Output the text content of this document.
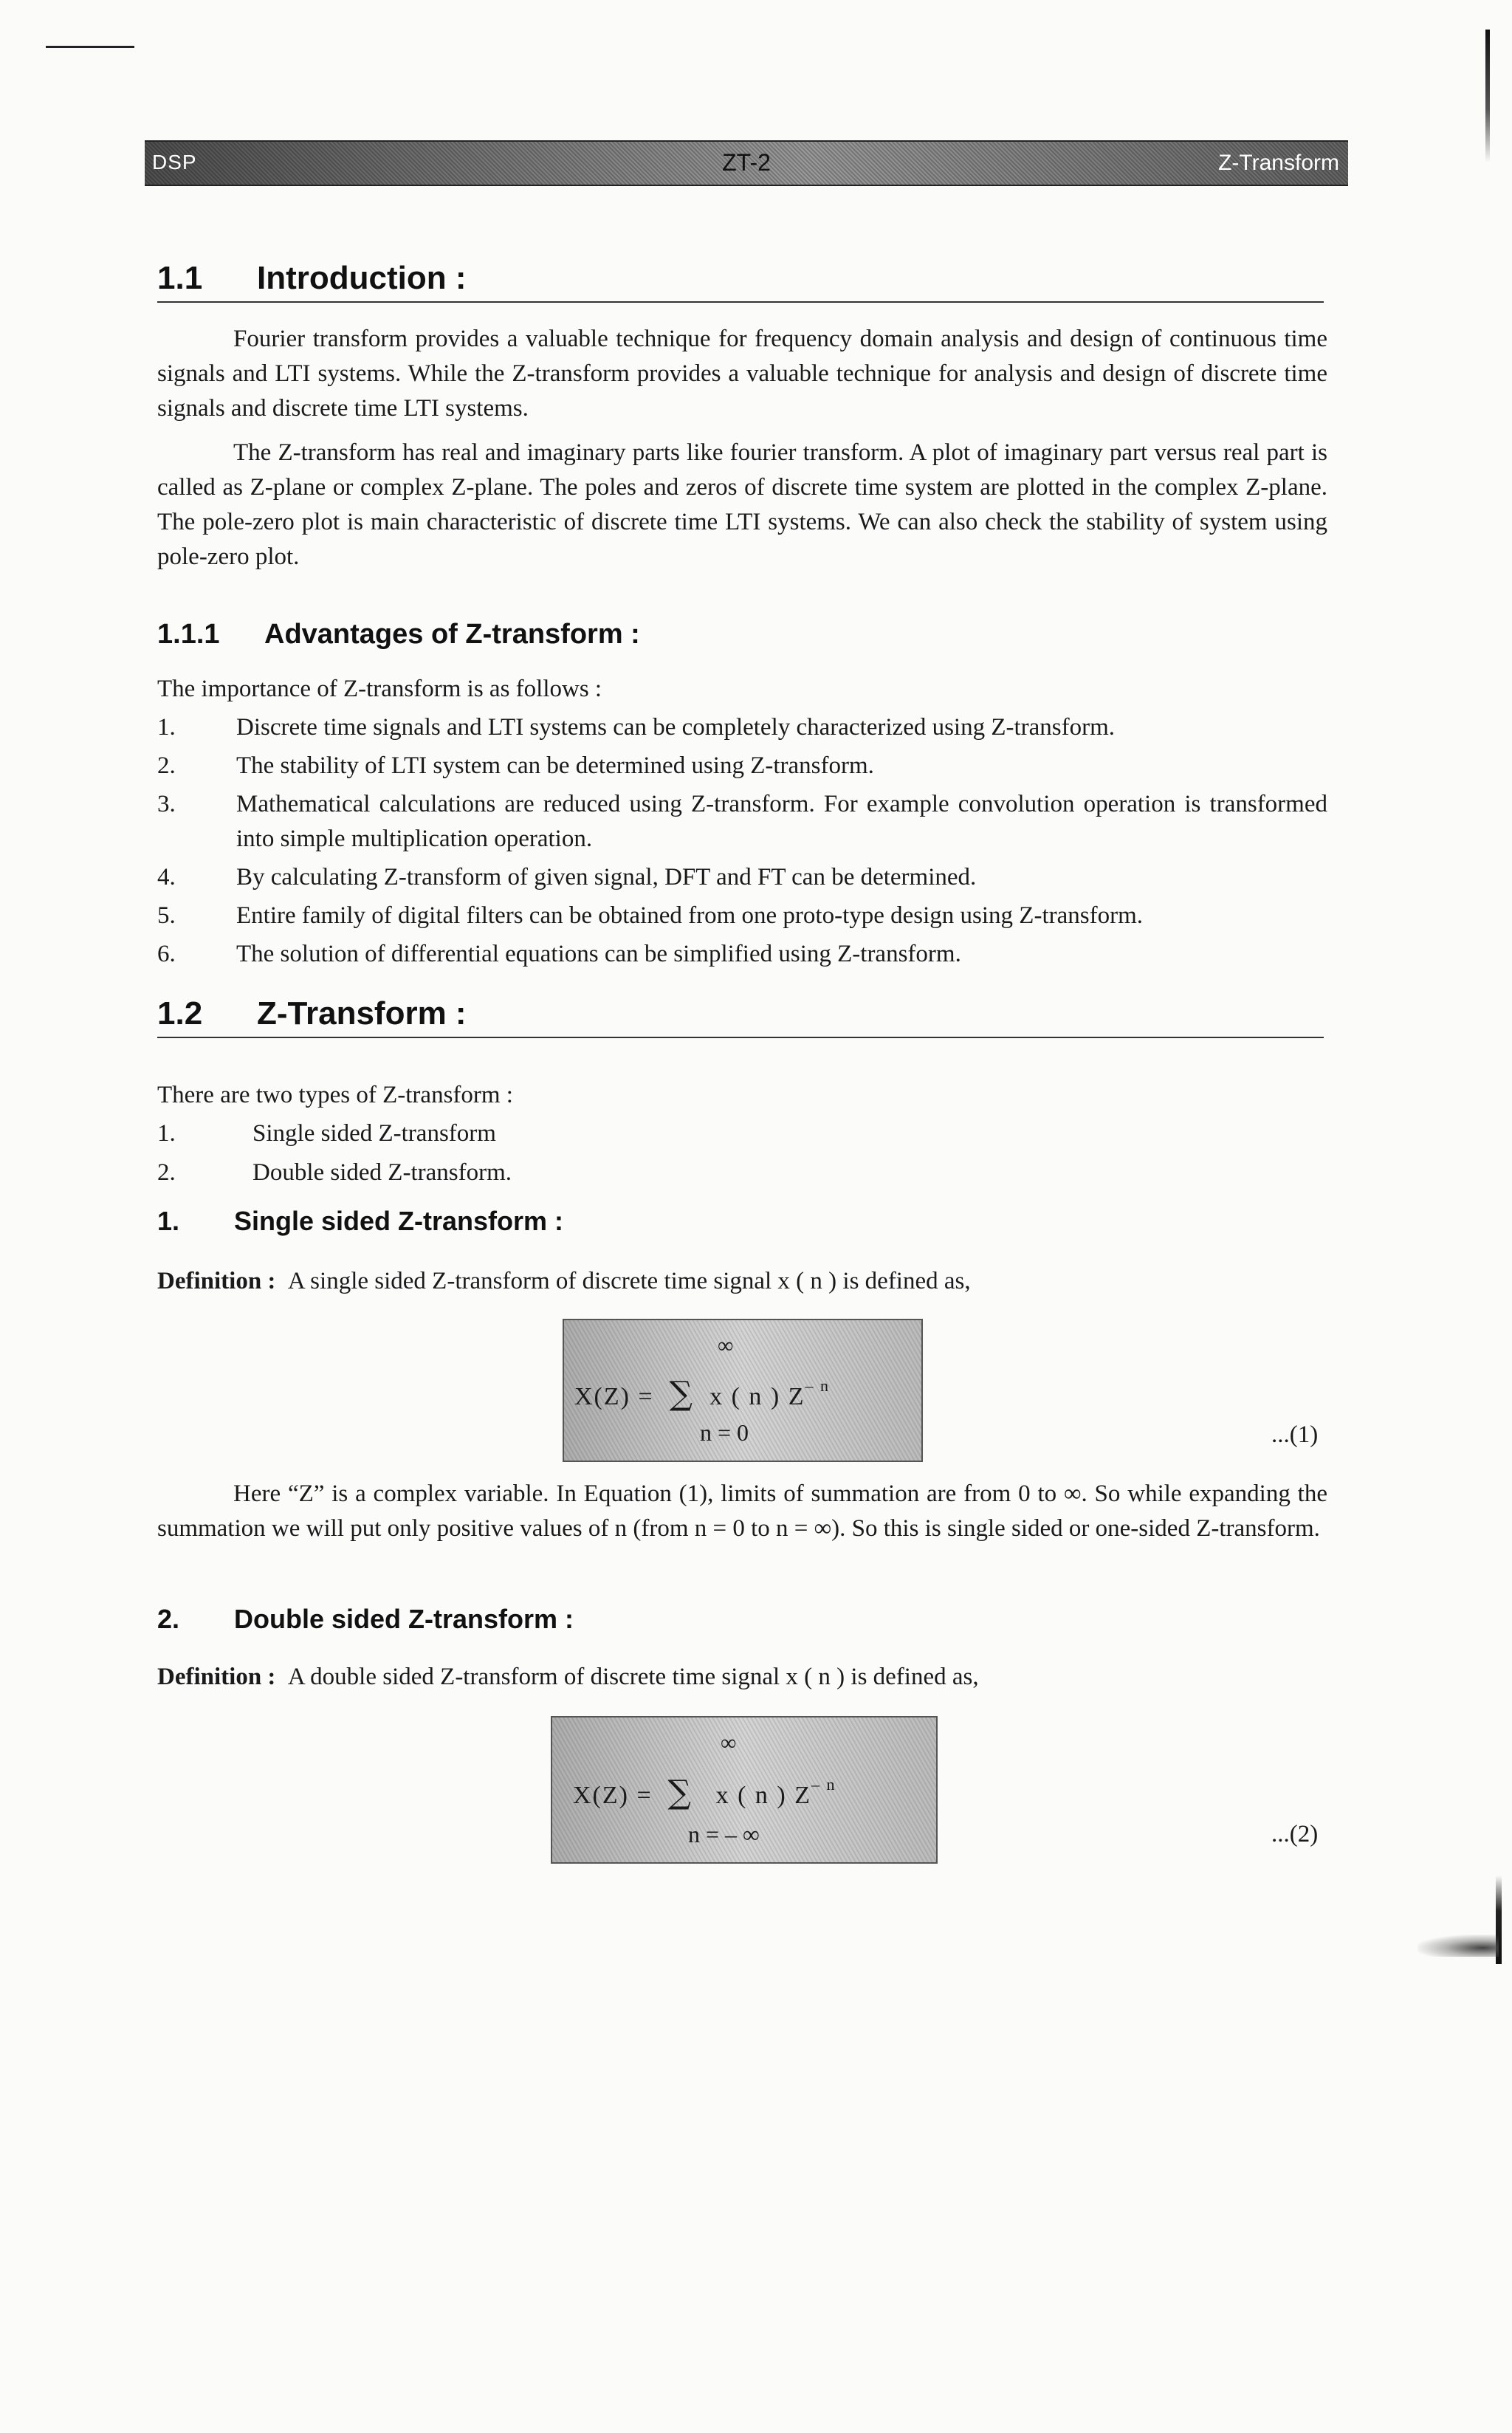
DSP	ZT-2	Z-Transform
1.1 Introduction :

Fourier transform provides a valuable technique for frequency domain analysis and design of continuous time signals and LTI systems. While the Z-transform provides a valuable technique for analysis and design of discrete time signals and discrete time LTI systems.

The Z-transform has real and imaginary parts like fourier transform. A plot of imaginary part versus real part is called as Z-plane or complex Z-plane. The poles and zeros of discrete time system are plotted in the complex Z-plane. The pole-zero plot is main characteristic of discrete time LTI systems. We can also check the stability of system using pole-zero plot.

1.1.1 Advantages of Z-transform :
The importance of Z-transform is as follows :
1.	Discrete time signals and LTI systems can be completely characterized using Z-transform.
2.	The stability of LTI system can be determined using Z-transform.
3.	Mathematical calculations are reduced using Z-transform. For example convolution operation is transformed into simple multiplication operation.
4.	By calculating Z-transform of given signal, DFT and FT can be determined.
5.	Entire family of digital filters can be obtained from one proto-type design using Z-transform.
6.	The solution of differential equations can be simplified using Z-transform.
1.2 Z-Transform :
There are two types of Z-transform :
1.	Single sided Z-transform
2.	Double sided Z-transform.
1. Single sided Z-transform :
Definition : A single sided Z-transform of discrete time signal x ( n ) is defined as,
∞
X(Z) = ∑ x ( n ) $Z^{- n}$
n = 0	...(1)

Here “Z” is a complex variable. In Equation (1), limits of summation are from 0 to ∞. So while expanding the summation we will put only positive values of n (from n = 0 to n = ∞). So this is single sided or one-sided Z-transform.

2. Double sided Z-transform :
Definition : A double sided Z-transform of discrete time signal x ( n ) is defined as,
∞
X(Z) = ∑ x ( n ) $Z^{- n}$
n = – ∞	...(2)
